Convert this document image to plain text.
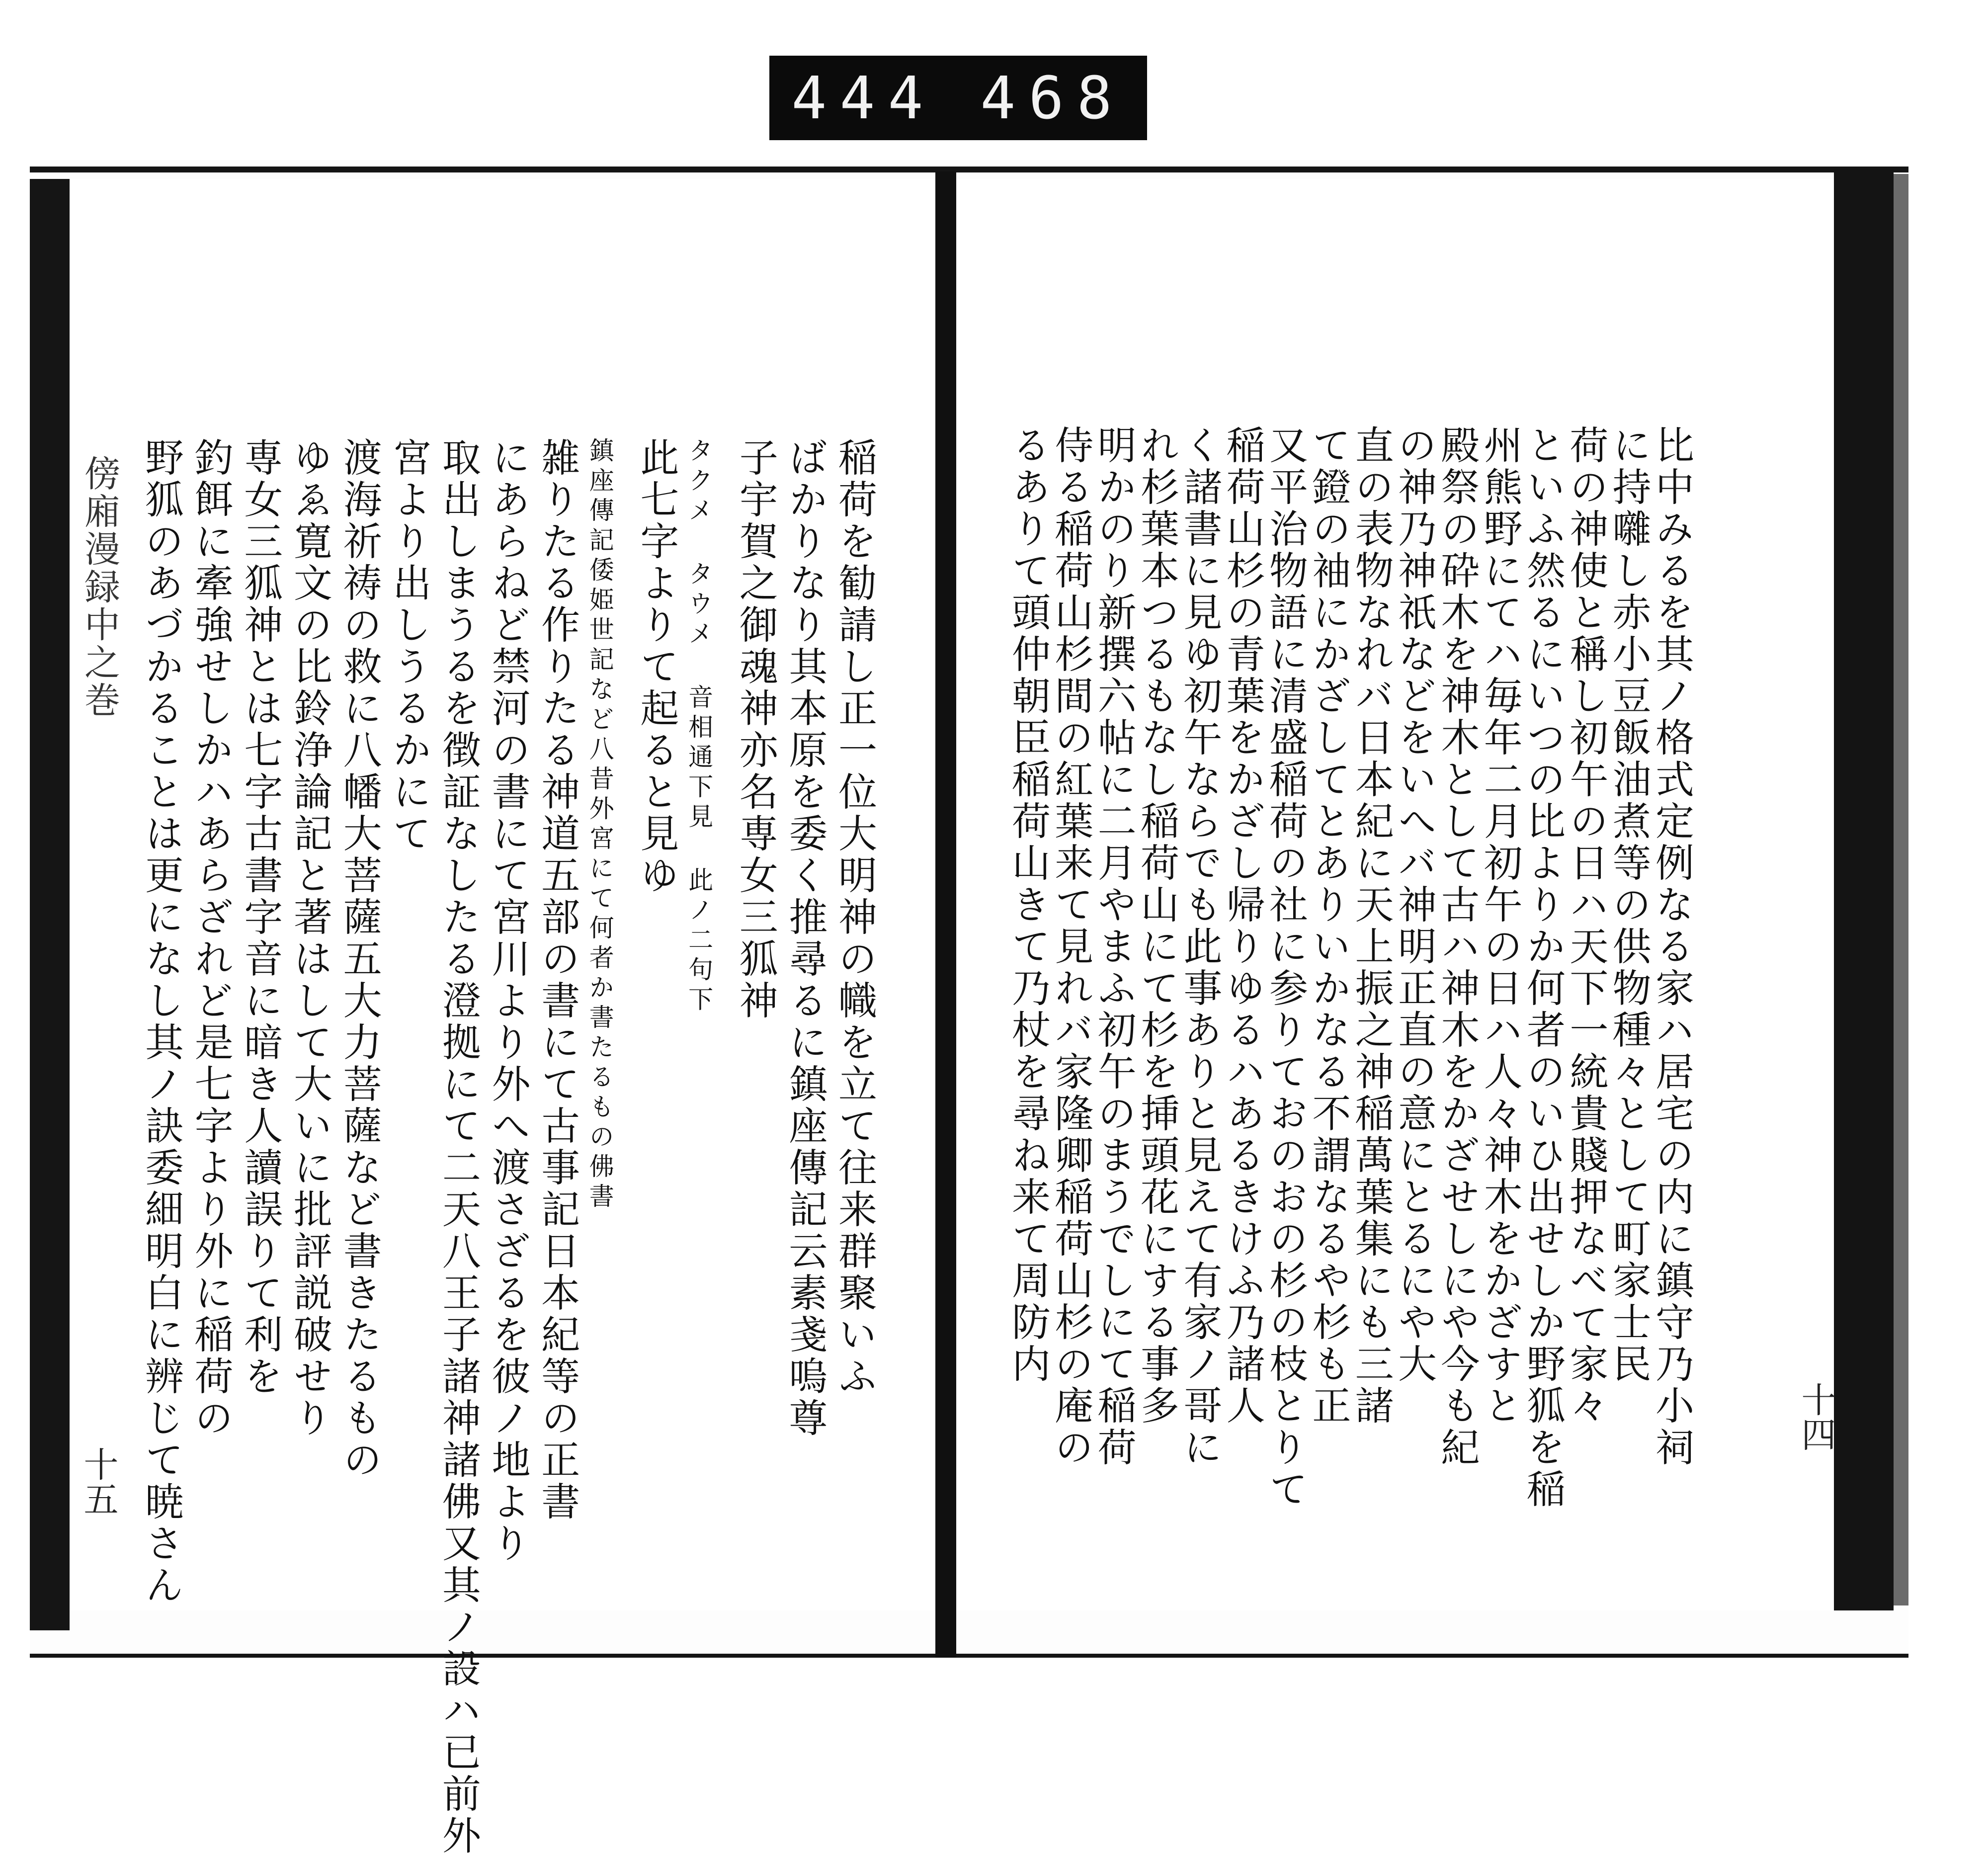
444 468
傍廂漫録中之巻
十五
稲荷を勧請し正一位大明神の幟を立て往来群聚いふ
ばかりなり其本原を委く推尋るに鎮座傳記云素戔嗚尊
子宇賀之御魂神亦名専女三狐神
タクメ タウメ 音相通下見 此ノ二句下
此七字よりて起ると見ゆ
鎮座傳記倭姫世記など八昔外宮にて何者か書たるもの佛書
雑りたる作りたる神道五部の書にて古事記日本紀等の正書
にあらねど禁河の書にて宮川より外へ渡さざるを彼ノ地より
取出しまうるを徴証なしたる澄拠にて二天八王子諸神諸佛又其ノ設ハ已前外
宮より出しうるかにて
渡海祈祷の救に八幡大菩薩五大力菩薩など書きたるもの
ゆゑ寛文の比鈴浄論記と著はして大いに批評説破せり
専女三狐神とは七字古書字音に暗き人讀誤りて利を
釣餌に牽強せしかハあらざれど是七字より外に稲荷の
野狐のあづかることは更になし其ノ訣委細明白に辨じて暁さん	十四
比中みるを其ノ格式定例なる家ハ居宅の内に鎮守乃小祠
に持囃し赤小豆飯油煮等の供物種々として町家士民
荷の神使と稱し初午の日ハ天下一統貴賤押なべて家々
といふ然るにいつの比よりか何者のいひ出せしか野狐を稲
州熊野にてハ毎年二月初午の日ハ人々神木をかざすと
殿祭の砕木を神木として古ハ神木をかざせしにや今も紀
の神乃神祇などをいへバ神明正直の意にとるにや大
直の表物なれバ日本紀に天上振之神稲萬葉集にも三諸
て鐙の袖にかざしてとありいかなる不謂なるや杉も正
又平治物語に清盛稲荷の社に参りておのおの杉の枝とりて
稲荷山杉の青葉をかざし帰りゆるハあるきけふ乃諸人
く諸書に見ゆ初午ならでも此事ありと見えて有家ノ哥に
れ杉葉本つるもなし稲荷山にて杉を挿頭花にする事多
明かのり新撰六帖に二月やまふ初午のまうでしにて稲荷
侍る稲荷山杉間の紅葉来て見れバ家隆卿稲荷山杉の庵の
るありて頭仲朝臣稲荷山きて乃杖を尋ね来て周防内
